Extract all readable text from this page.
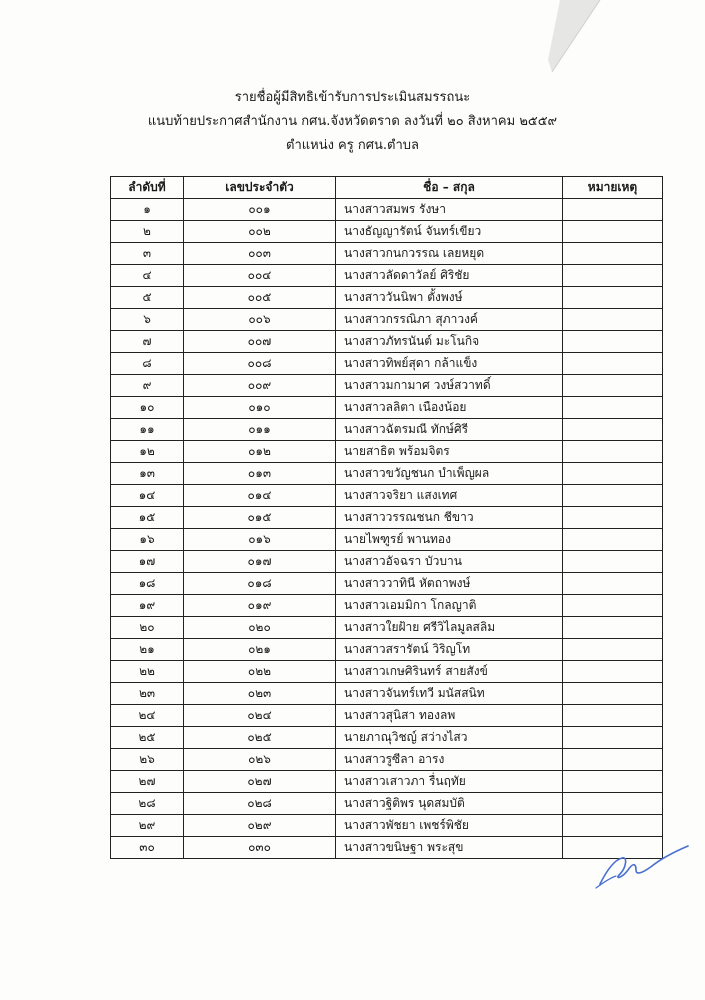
รายชื่อผู้มีสิทธิเข้ารับการประเมินสมรรถนะ
แนบท้ายประกาศสำนักงาน กศน.จังหวัดตราด ลงวันที่ ๒๐ สิงหาคม ๒๕๕๙
ตำแหน่ง ครู กศน.ตำบล
ลำดับที่	เลขประจำตัว	ชื่อ – สกุล	หมายเหตุ
๑	๐๐๑	นางสาวสมพร รังษา	
๒	๐๐๒	นางธัญญารัตน์ จันทร์เขียว	
๓	๐๐๓	นางสาวกนกวรรณ เลยหยุด	
๔	๐๐๔	นางสาวลัดดาวัลย์ ศิริชัย	
๕	๐๐๕	นางสาววันนิพา ตั้งพงษ์	
๖	๐๐๖	นางสาวกรรณิภา สุภาวงค์	
๗	๐๐๗	นางสาวภัทรนันต์ มะโนกิจ	
๘	๐๐๘	นางสาวทิพย์สุดา กล้าแข็ง	
๙	๐๐๙	นางสาวมกามาศ วงษ์สวาทดิ์	
๑๐	๐๑๐	นางสาวลลิตา เนืองน้อย	
๑๑	๐๑๑	นางสาวฉัตรมณี ทักษ์ศิรี	
๑๒	๐๑๒	นายสาธิต พร้อมจิตร	
๑๓	๐๑๓	นางสาวขวัญชนก บำเพ็ญผล	
๑๔	๐๑๔	นางสาวจริยา แสงเทศ	
๑๕	๐๑๕	นางสาววรรณชนก ชีขาว	
๑๖	๐๑๖	นายไพฑูรย์ พานทอง	
๑๗	๐๑๗	นางสาวอัจฉรา บัวบาน	
๑๘	๐๑๘	นางสาววาทินี หัตถาพงษ์	
๑๙	๐๑๙	นางสาวเอมมิกา โกลญาติ	
๒๐	๐๒๐	นางสาวใยฝ้าย ศรีวิไลมูลสลิม	
๒๑	๐๒๑	นางสาวสรารัตน์ วิริญโท	
๒๒	๐๒๒	นางสาวเกษศิรินทร์ สายสังข์	
๒๓	๐๒๓	นางสาวจันทร์เทวี มนัสสนิท	
๒๔	๐๒๔	นางสาวสุนิสา ทองลพ	
๒๕	๐๒๕	นายภาณุวิชญ์ สว่างไสว	
๒๖	๐๒๖	นางสาวรูซีลา อารง	
๒๗	๐๒๗	นางสาวเสาวภา รื่นฤทัย	
๒๘	๐๒๘	นางสาวฐิติพร นุดสมบัติ	
๒๙	๐๒๙	นางสาวพัชยา เพชร์พิชัย	
๓๐	๐๓๐	นางสาวขนิษฐา พระสุข	
